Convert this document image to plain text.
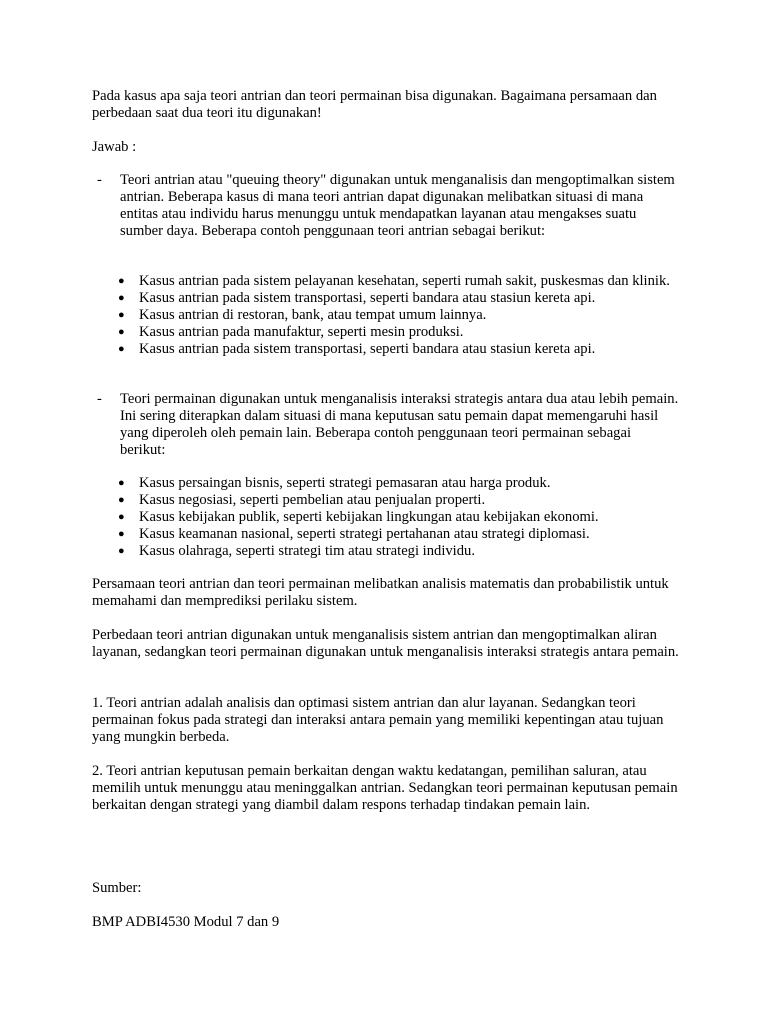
Pada kasus apa saja teori antrian dan teori permainan bisa digunakan. Bagaimana persamaan dan perbedaan saat dua teori itu digunakan!

Jawab :

- Teori antrian atau "queuing theory" digunakan untuk menganalisis dan mengoptimalkan sistem antrian. Beberapa kasus di mana teori antrian dapat digunakan melibatkan situasi di mana entitas atau individu harus menunggu untuk mendapatkan layanan atau mengakses suatu sumber daya. Beberapa contoh penggunaan teori antrian sebagai berikut:

● Kasus antrian pada sistem pelayanan kesehatan, seperti rumah sakit, puskesmas dan klinik.
● Kasus antrian pada sistem transportasi, seperti bandara atau stasiun kereta api.
● Kasus antrian di restoran, bank, atau tempat umum lainnya.
● Kasus antrian pada manufaktur, seperti mesin produksi.
● Kasus antrian pada sistem transportasi, seperti bandara atau stasiun kereta api.
- Teori permainan digunakan untuk menganalisis interaksi strategis antara dua atau lebih pemain. Ini sering diterapkan dalam situasi di mana keputusan satu pemain dapat memengaruhi hasil yang diperoleh oleh pemain lain. Beberapa contoh penggunaan teori permainan sebagai berikut:

● Kasus persaingan bisnis, seperti strategi pemasaran atau harga produk.
● Kasus negosiasi, seperti pembelian atau penjualan properti.
● Kasus kebijakan publik, seperti kebijakan lingkungan atau kebijakan ekonomi.
● Kasus keamanan nasional, seperti strategi pertahanan atau strategi diplomasi.
● Kasus olahraga, seperti strategi tim atau strategi individu.

Persamaan teori antrian dan teori permainan melibatkan analisis matematis dan probabilistik untuk memahami dan memprediksi perilaku sistem.

Perbedaan teori antrian digunakan untuk menganalisis sistem antrian dan mengoptimalkan aliran layanan, sedangkan teori permainan digunakan untuk menganalisis interaksi strategis antara pemain.

1. Teori antrian adalah analisis dan optimasi sistem antrian dan alur layanan. Sedangkan teori permainan fokus pada strategi dan interaksi antara pemain yang memiliki kepentingan atau tujuan yang mungkin berbeda.

2. Teori antrian keputusan pemain berkaitan dengan waktu kedatangan, pemilihan saluran, atau memilih untuk menunggu atau meninggalkan antrian. Sedangkan teori permainan keputusan pemain berkaitan dengan strategi yang diambil dalam respons terhadap tindakan pemain lain.

Sumber:

BMP ADBI4530 Modul 7 dan 9
